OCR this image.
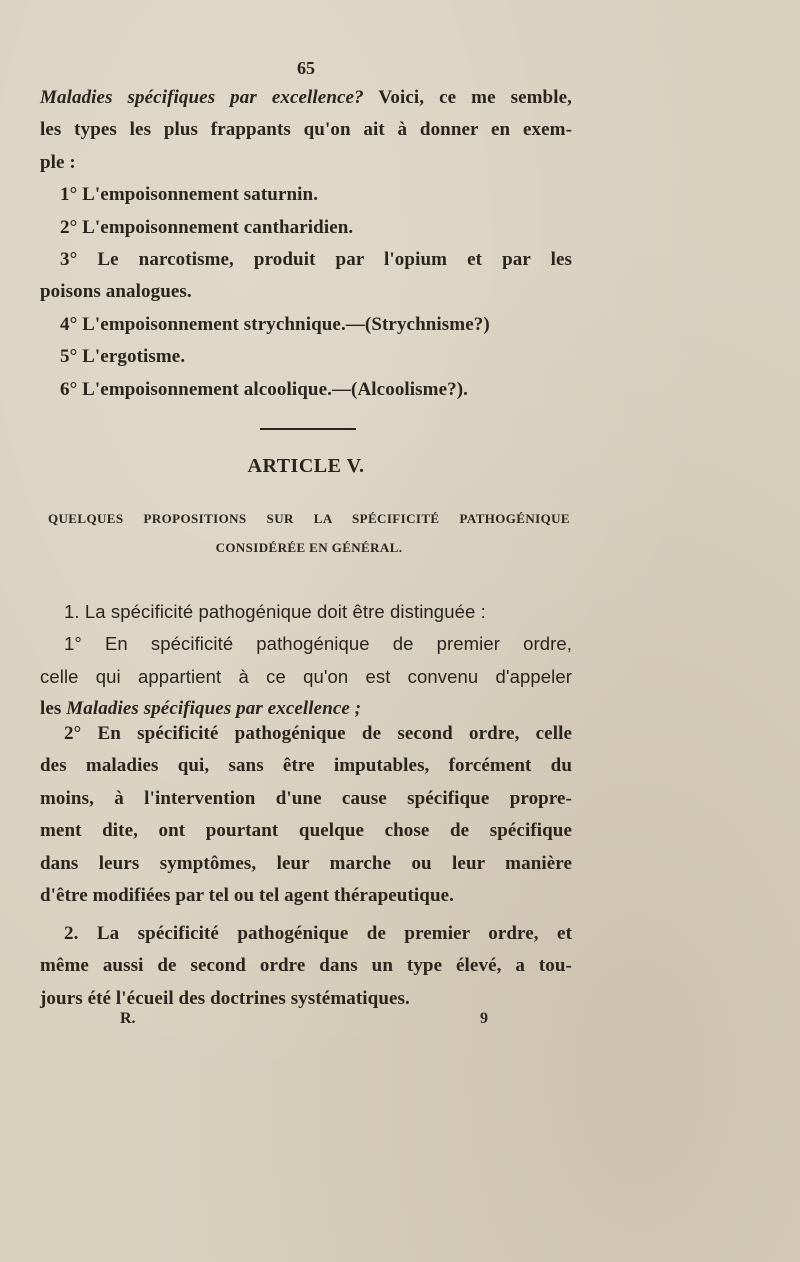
65
Maladies spécifiques par excellence? Voici, ce me semble,
les types les plus frappants qu'on ait à donner en exem-
ple :
1° L'empoisonnement saturnin.
2° L'empoisonnement cantharidien.
3° Le narcotisme, produit par l'opium et par les
poisons analogues.
4° L'empoisonnement strychnique.—(Strychnisme?)
5° L'ergotisme.
6° L'empoisonnement alcoolique.—(Alcoolisme?).
ARTICLE V.
QUELQUES PROPOSITIONS SUR LA SPÉCIFICITÉ PATHOGÉNIQUE
CONSIDÉRÉE EN GÉNÉRAL.
1. La spécificité pathogénique doit être distinguée :
1° En spécificité pathogénique de premier ordre,
celle qui appartient à ce qu'on est convenu d'appeler
les Maladies spécifiques par excellence ;
2° En spécificité pathogénique de second ordre, celle
des maladies qui, sans être imputables, forcément du
moins, à l'intervention d'une cause spécifique propre-
ment dite, ont pourtant quelque chose de spécifique
dans leurs symptômes, leur marche ou leur manière
d'être modifiées par tel ou tel agent thérapeutique.
2. La spécificité pathogénique de premier ordre, et
même aussi de second ordre dans un type élevé, a tou-
jours été l'écueil des doctrines systématiques.
R.	9
